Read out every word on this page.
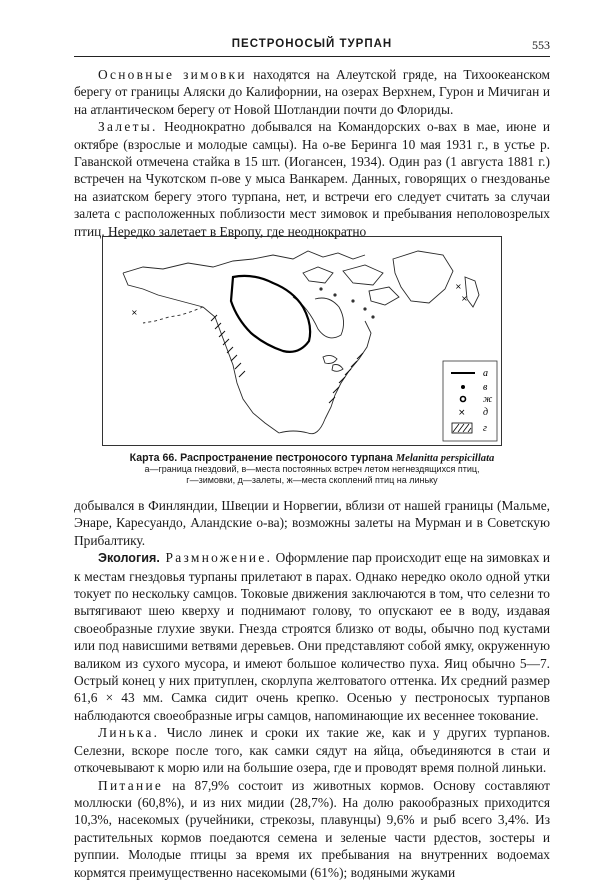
ПЕСТРОНОСЫЙ ТУРПАН	553

Основные зимовки находятся на Алеутской гряде, на Тихоокеанском берегу от границы Аляски до Калифорнии, на озерах Верхнем, Гурон и Мичиган и на атлантическом берегу от Новой Шотландии почти до Флориды.

Залеты. Неоднократно добывался на Командорских о-вах в мае, июне и октябре (взрослые и молодые самцы). На о-ве Беринга 10 мая 1931 г., в устье р. Гаванской отмечена стайка в 15 шт. (Иогансен, 1934). Один раз (1 августа 1881 г.) встречен на Чукотском п-ове у мыса Ванкарем. Данных, говорящих о гнездованье на азиатском берегу этого турпана, нет, и встречи его следует считать за случаи залета с расположенных поблизости мест зимовок и пребывания неполовозрелых птиц. Нередко залетает в Европу, где неоднократно

×
×
×
×
а
в
ж
д
г
Карта 66. Распространение пестроносого турпана Melanitta perspicillata
а—граница гнездовий, в—места постоянных встреч летом негнездящихся птиц,
г—зимовки, д—залеты, ж—места скоплений птиц на линьку

добывался в Финляндии, Швеции и Норвегии, вблизи от нашей границы (Мальме, Энаре, Каресуандо, Аландские о-ва); возможны залеты на Мурман и в Советскую Прибалтику.

Экология. Размножение. Оформление пар происходит еще на зимовках и к местам гнездовья турпаны прилетают в парах. Однако нередко около одной утки токует по нескольку самцов. Токовые движения заключаются в том, что селезни то вытягивают шею кверху и поднимают голову, то опускают ее в воду, издавая своеобразные глухие звуки. Гнезда строятся близко от воды, обычно под кустами или под нависшими ветвями деревьев. Они представляют собой ямку, окруженную валиком из сухого мусора, и имеют большое количество пуха. Яиц обычно 5—7. Острый конец у них притуплен, скорлупа желтоватого оттенка. Их средний размер 61,6 × 43 мм. Самка сидит очень крепко. Осенью у пестроносых турпанов наблюдаются своеобразные игры самцов, напоминающие их весеннее токование.

Линька. Число линек и сроки их такие же, как и у других турпанов. Селезни, вскоре после того, как самки сядут на яйца, объединяются в стаи и откочевывают к морю или на большие озера, где и проводят время полной линьки.

Питание на 87,9% состоит из животных кормов. Основу составляют моллюски (60,8%), и из них мидии (28,7%). На долю ракообразных приходится 10,3%, насекомых (ручейники, стрекозы, плавунцы) 9,6% и рыб всего 3,4%. Из растительных кормов поедаются семена и зеленые части рдестов, зостеры и руппии. Молодые птицы за время их пребывания на внутренних водоемах кормятся преимущественно насекомыми (61%); водяными жуками
